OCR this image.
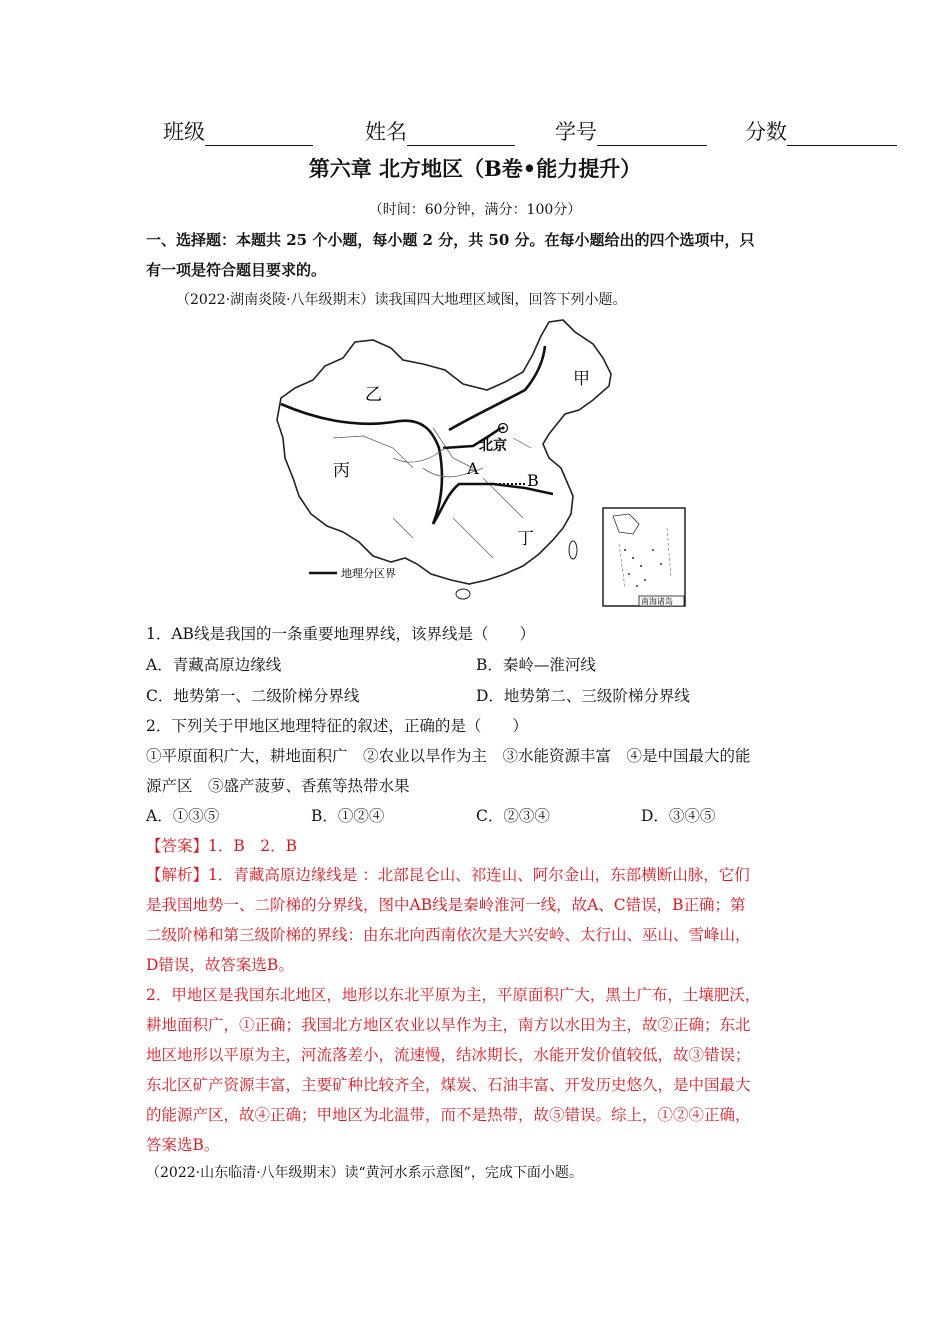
班级	姓名	学号	分数
第六章 北方地区（B卷•能力提升）
（时间：60分钟，满分：100分）
一、选择题：本题共 25 个小题，每小题 2 分，共 50 分。在每小题给出的四个选项中，只
有一项是符合题目要求的。
（2022·湖南炎陵·八年级期末）读我国四大地理区域图，回答下列小题。
甲
乙
丙
丁
A
B
北京
地理分区界
南海诸岛
1．AB线是我国的一条重要地理界线，该界线是（　　）
A．青藏高原边缘线	B．秦岭—淮河线
C．地势第一、二级阶梯分界线	D．地势第二、三级阶梯分界线
2．下列关于甲地区地理特征的叙述，正确的是（　　）
①平原面积广大，耕地面积广　②农业以旱作为主　③水能资源丰富　④是中国最大的能
源产区　⑤盛产菠萝、香蕉等热带水果
A．①③⑤	B．①②④	C．②③④	D．③④⑤
【答案】1．B　2．B
【解析】1．青藏高原边缘线是 ：北部昆仑山、祁连山、阿尔金山，东部横断山脉，它们
是我国地势一、二阶梯的分界线，图中AB线是秦岭淮河一线，故A、C错误，B正确；第
二级阶梯和第三级阶梯的界线：由东北向西南依次是大兴安岭、太行山、巫山、雪峰山，
D错误，故答案选B。
2．甲地区是我国东北地区，地形以东北平原为主，平原面积广大，黑土广布，土壤肥沃，
耕地面积广，①正确；我国北方地区农业以旱作为主，南方以水田为主，故②正确；东北
地区地形以平原为主，河流落差小，流速慢，结冰期长，水能开发价值较低，故③错误；
东北区矿产资源丰富，主要矿种比较齐全，煤炭、石油丰富、开发历史悠久，是中国最大
的能源产区，故④正确；甲地区为北温带，而不是热带，故⑤错误。综上，①②④正确，
答案选B。
（2022·山东临清·八年级期末）读“黄河水系示意图”，完成下面小题。
